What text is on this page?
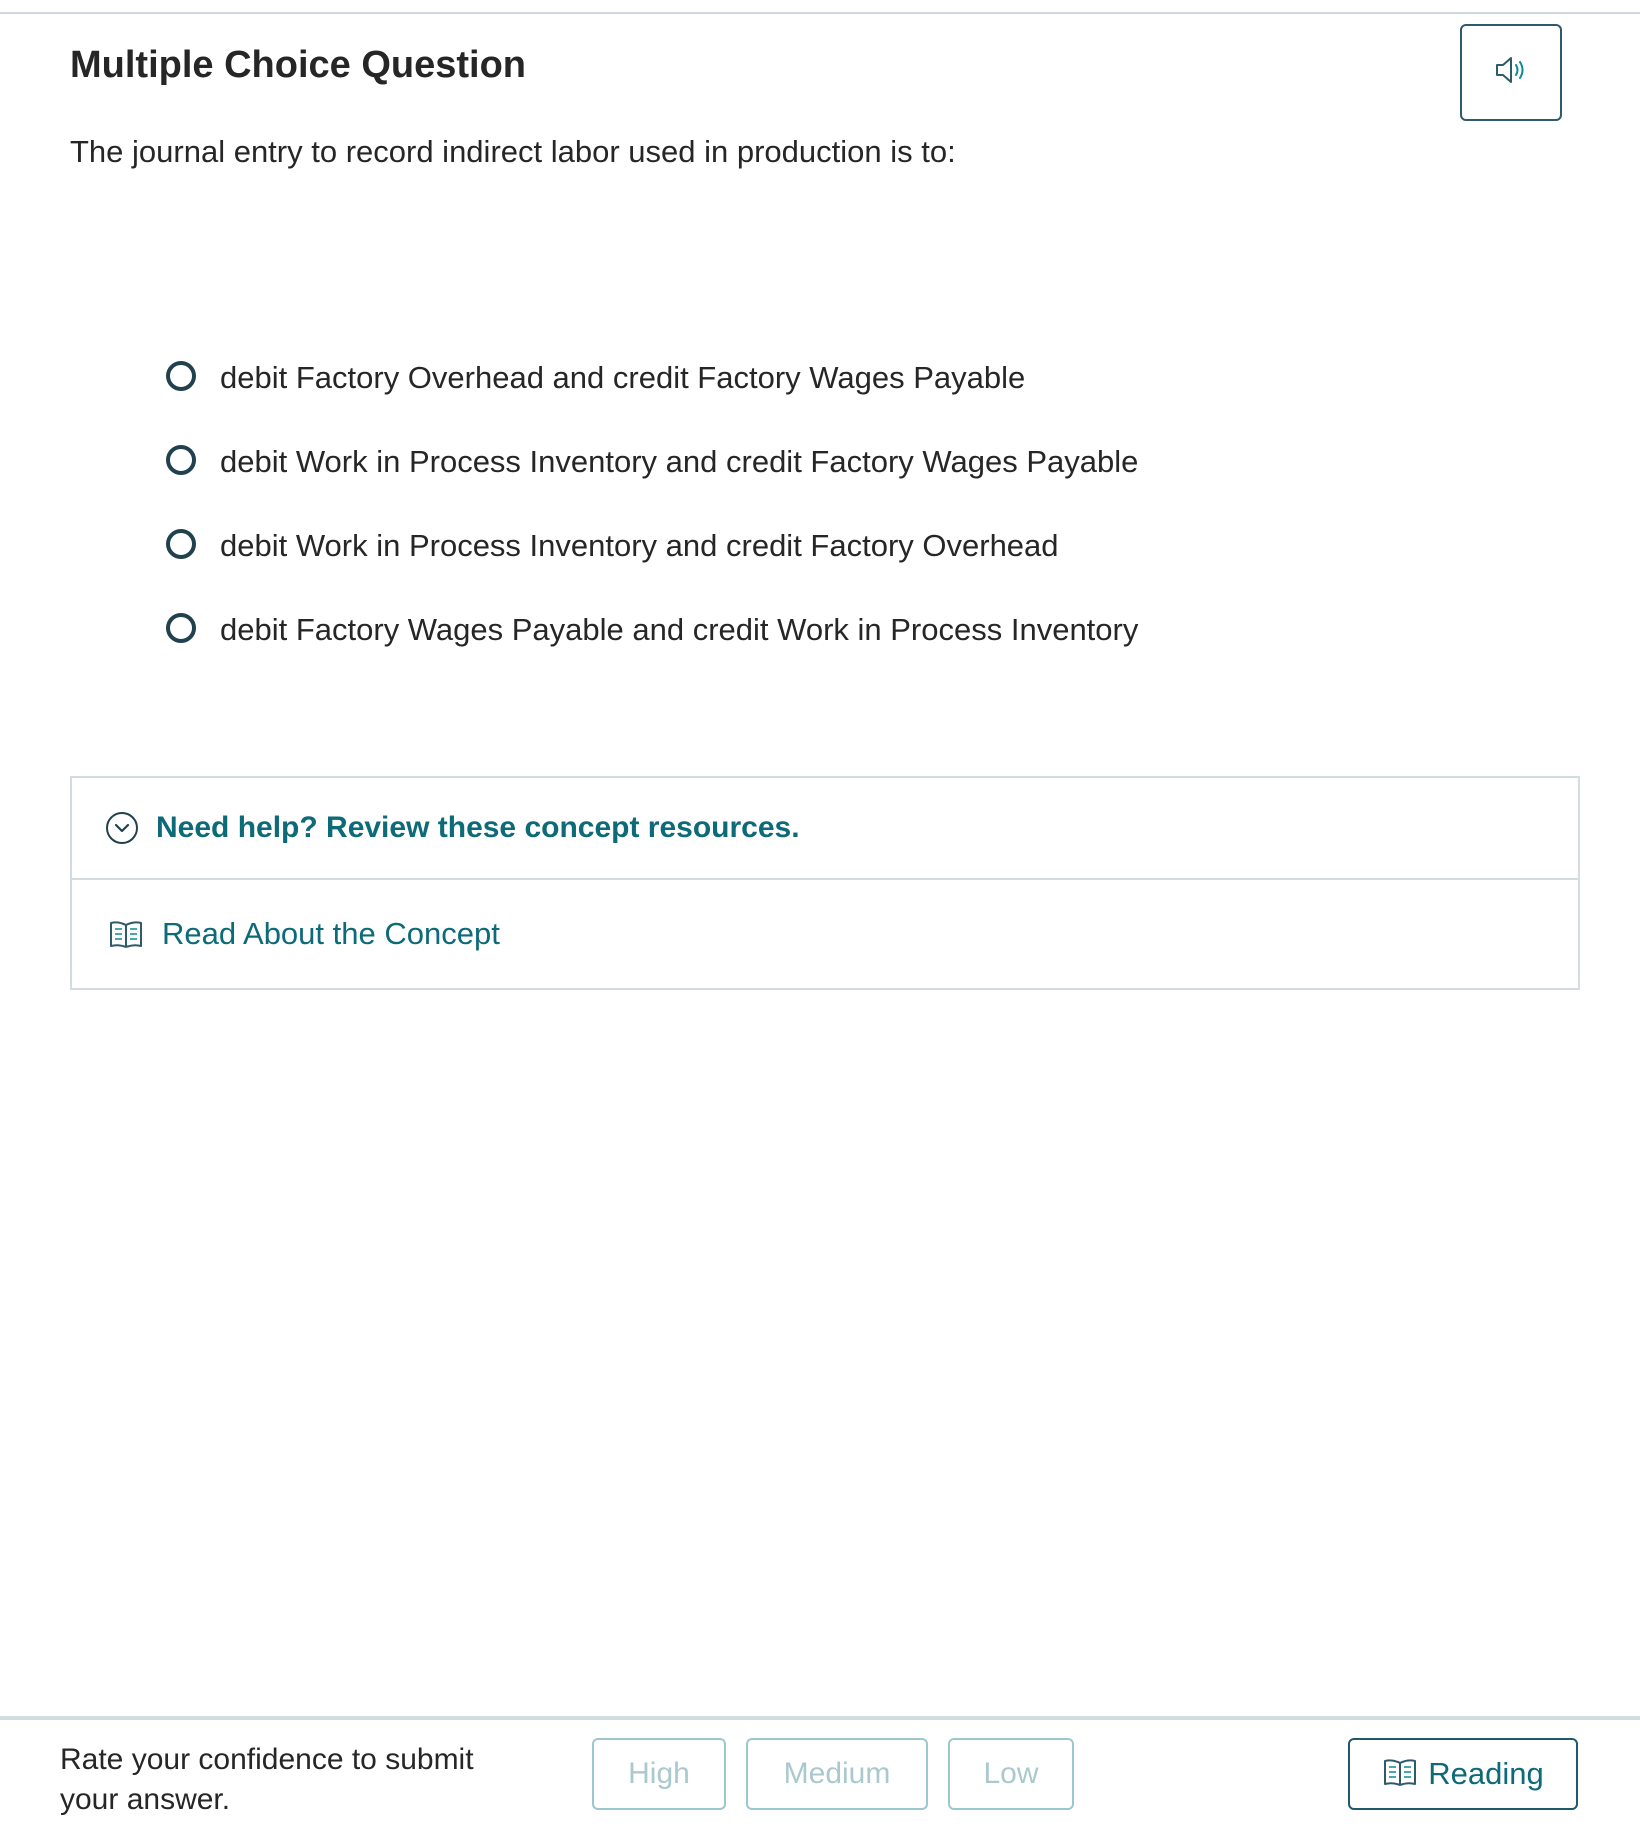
Multiple Choice Question

The journal entry to record indirect labor used in production is to:

debit Factory Overhead and credit Factory Wages Payable
debit Work in Process Inventory and credit Factory Wages Payable
debit Work in Process Inventory and credit Factory Overhead
debit Factory Wages Payable and credit Work in Process Inventory
Need help? Review these concept resources.
Read About the Concept
Rate your confidence to submit your answer.
High	Medium	Low	Reading
